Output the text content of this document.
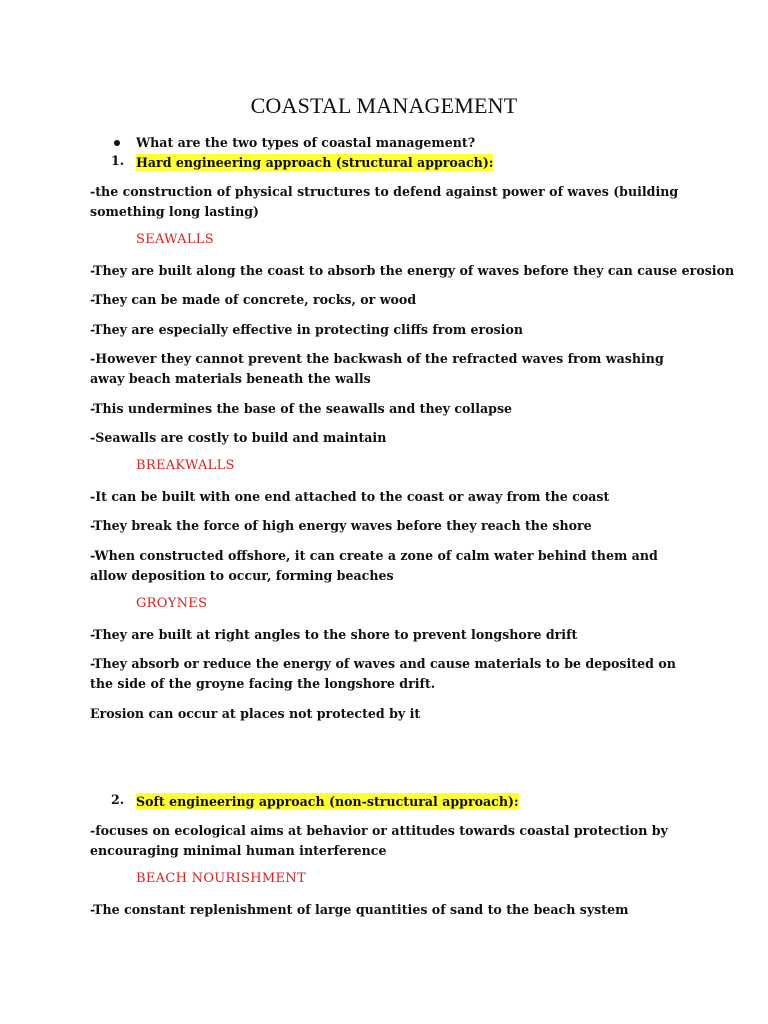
COASTAL MANAGEMENT
What are the two types of coastal management?
1. Hard engineering approach (structural approach):
-the construction of physical structures to defend against power of waves (building something long lasting)
SEAWALLS
-They are built along the coast to absorb the energy of waves before they can cause erosion
-They can be made of concrete, rocks, or wood
-They are especially effective in protecting cliffs from erosion
-However they cannot prevent the backwash of the refracted waves from washing away beach materials beneath the walls
-This undermines the base of the seawalls and they collapse
-Seawalls are costly to build and maintain
BREAKWALLS
-It can be built with one end attached to the coast or away from the coast
-They break the force of high energy waves before they reach the shore
-When constructed offshore, it can create a zone of calm water behind them and allow deposition to occur, forming beaches
GROYNES
-They are built at right angles to the shore to prevent longshore drift
-They absorb or reduce the energy of waves and cause materials to be deposited on the side of the groyne facing the longshore drift.
Erosion can occur at places not protected by it
2. Soft engineering approach (non-structural approach):
-focuses on ecological aims at behavior or attitudes towards coastal protection by encouraging minimal human interference
BEACH NOURISHMENT
-The constant replenishment of large quantities of sand to the beach system
